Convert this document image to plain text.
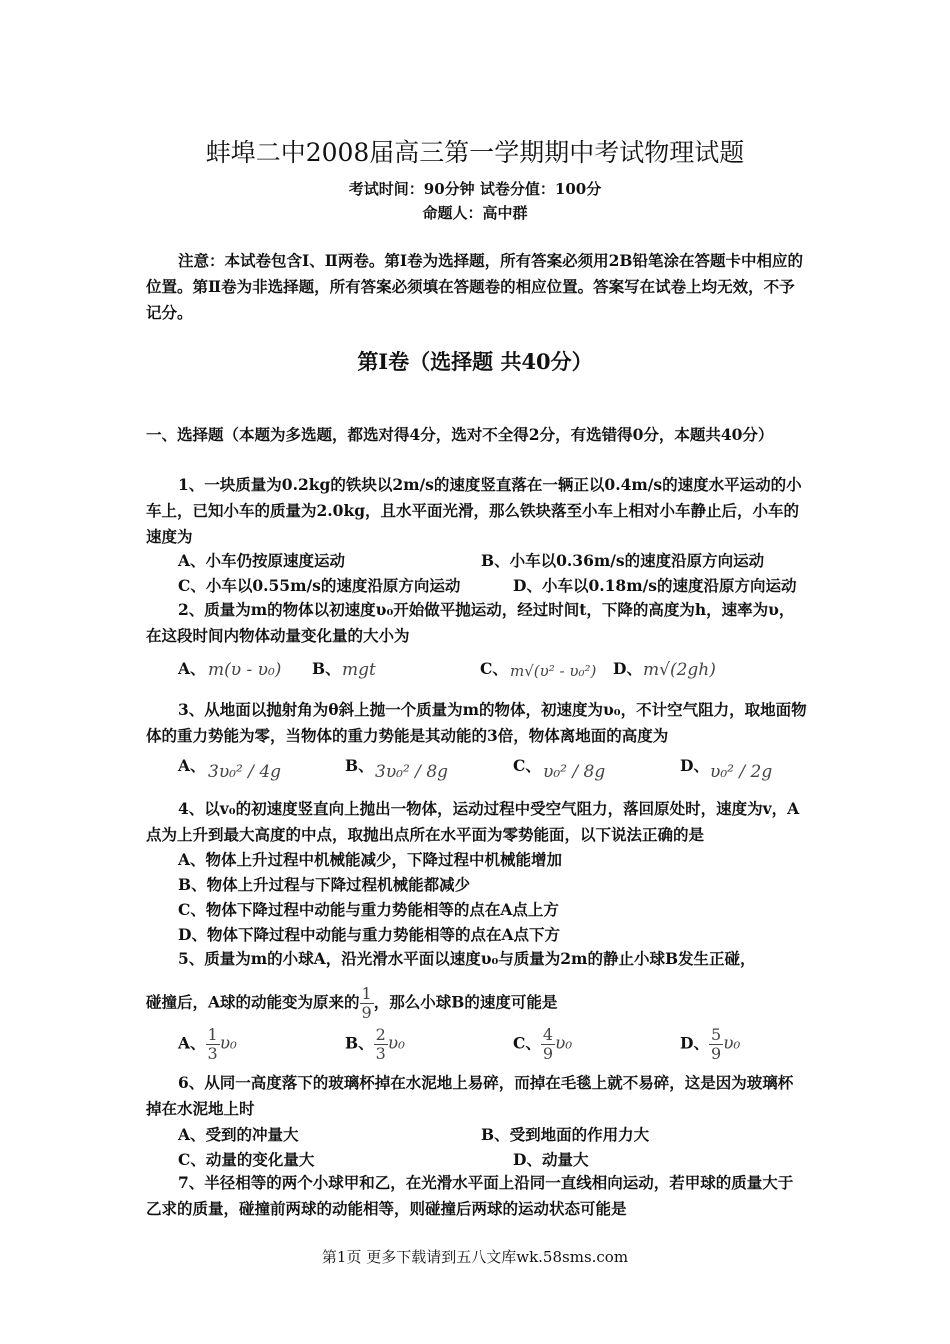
蚌埠二中2008届高三第一学期期中考试物理试题
考试时间：90分钟 试卷分值：100分
命题人：高中群
注意：本试卷包含Ⅰ、Ⅱ两卷。第Ⅰ卷为选择题，所有答案必须用2B铅笔涂在答题卡中相应的位置。第Ⅱ卷为非选择题，所有答案必须填在答题卷的相应位置。答案写在试卷上均无效，不予记分。
第Ⅰ卷（选择题 共40分）
一、选择题（本题为多选题，都选对得4分，选对不全得2分，有选错得0分，本题共40分）
1、一块质量为0.2kg的铁块以2m/s的速度竖直落在一辆正以0.4m/s的速度水平运动的小车上，已知小车的质量为2.0kg，且水平面光滑，那么铁块落至小车上相对小车静止后，小车的速度为
A、小车仍按原速度运动	B、小车以0.36m/s的速度沿原方向运动
C、小车以0.55m/s的速度沿原方向运动	D、小车以0.18m/s的速度沿原方向运动
2、质量为m的物体以初速度υ₀开始做平抛运动，经过时间t，下降的高度为h，速率为υ，在这段时间内物体动量变化量的大小为
A、 m(υ - υ₀) B、 mgt	C、 m√(υ² - υ₀²) D、 m√(2gh)
3、从地面以抛射角为θ斜上抛一个质量为m的物体，初速度为υ₀，不计空气阻力，取地面物体的重力势能为零，当物体的重力势能是其动能的3倍，物体离地面的高度为
A、 3υ₀² / 4g	B、 3υ₀² / 8g	C、 υ₀² / 8g	D、 υ₀² / 2g
4、以v₀的初速度竖直向上抛出一物体，运动过程中受空气阻力，落回原处时，速度为v，A点为上升到最大高度的中点，取抛出点所在水平面为零势能面，以下说法正确的是
A、物体上升过程中机械能减少，下降过程中机械能增加
B、物体上升过程与下降过程机械能都减少
C、物体下降过程中动能与重力势能相等的点在A点上方
D、物体下降过程中动能与重力势能相等的点在A点下方
5、质量为m的小球A，沿光滑水平面以速度υ₀与质量为2m的静止小球B发生正碰，
碰撞后，A球的动能变为原来的 $\frac{1}{9}$ ，那么小球B的速度可能是
A、 $\frac{1}{3} \upsilon_0$	B、 $\frac{2}{3} \upsilon_0$	C、 $\frac{4}{9} \upsilon_0$	D、 $\frac{5}{9} \upsilon_0$
6、从同一高度落下的玻璃杯掉在水泥地上易碎，而掉在毛毯上就不易碎，这是因为玻璃杯掉在水泥地上时
A、受到的冲量大	B、受到地面的作用力大
C、动量的变化量大	D、动量大
7、半径相等的两个小球甲和乙，在光滑水平面上沿同一直线相向运动，若甲球的质量大于乙求的质量，碰撞前两球的动能相等，则碰撞后两球的运动状态可能是
第1页 更多下载请到五八文库wk.58sms.com
